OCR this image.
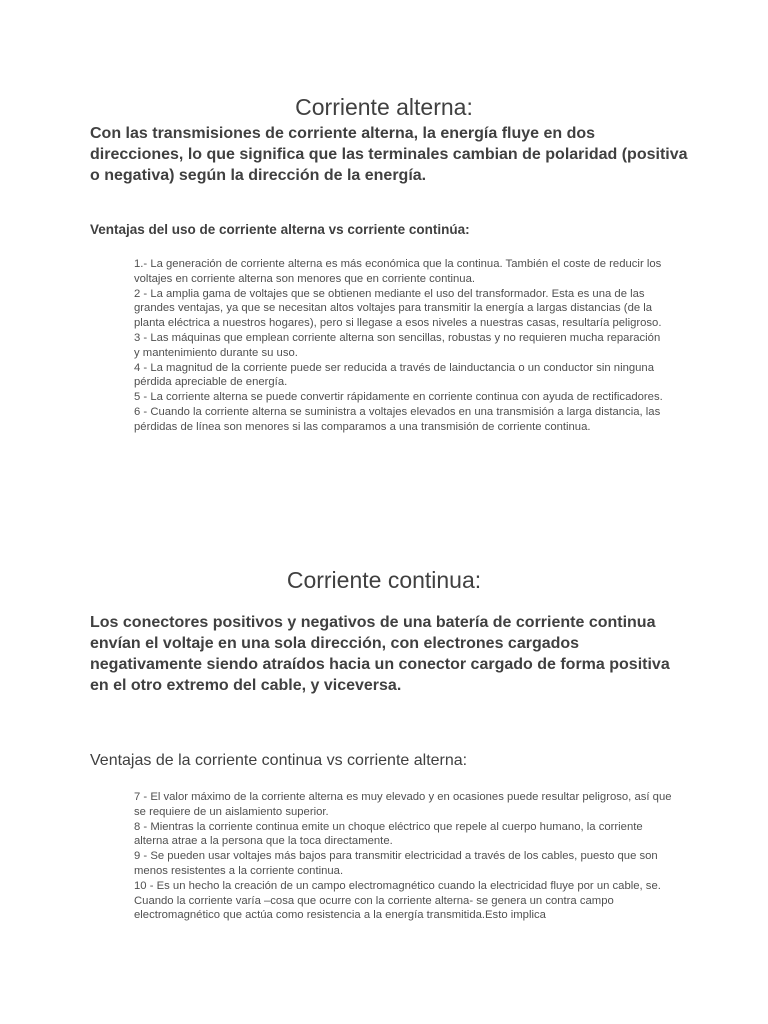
Corriente alterna:

Con las transmisiones de corriente alterna, la energía fluye en dos direcciones, lo que significa que las terminales cambian de polaridad (positiva o negativa) según la dirección de la energía.

Ventajas del uso de corriente alterna vs corriente continúa:

1.- La generación de corriente alterna es más económica que la continua. También el coste de reducir los voltajes en corriente alterna son menores que en corriente continua.
2 - La amplia gama de voltajes que se obtienen mediante el uso del transformador. Esta es una de las grandes ventajas, ya que se necesitan altos voltajes para transmitir la energía a largas distancias (de la planta eléctrica a nuestros hogares), pero si llegase a esos niveles a nuestras casas, resultaría peligroso.
3 - Las máquinas que emplean corriente alterna son sencillas, robustas y no requieren mucha reparación y mantenimiento durante su uso.
4 - La magnitud de la corriente puede ser reducida a través de lainductancia o un conductor sin ninguna pérdida apreciable de energía.
5 - La corriente alterna se puede convertir rápidamente en corriente continua con ayuda de rectificadores.
6 - Cuando la corriente alterna se suministra a voltajes elevados en una transmisión a larga distancia, las pérdidas de línea son menores si las comparamos a una transmisión de corriente continua.
Corriente continua:

Los conectores positivos y negativos de una batería de corriente continua envían el voltaje en una sola dirección, con electrones cargados negativamente siendo atraídos hacia un conector cargado de forma positiva en el otro extremo del cable, y viceversa.

Ventajas de la corriente continua vs corriente alterna:

7 - El valor máximo de la corriente alterna es muy elevado y en ocasiones puede resultar peligroso, así que se requiere de un aislamiento superior.
8 - Mientras la corriente continua emite un choque eléctrico que repele al cuerpo humano, la corriente alterna atrae a la persona que la toca directamente.
9 - Se pueden usar voltajes más bajos para transmitir electricidad a través de los cables, puesto que son menos resistentes a la corriente continua.
10 - Es un hecho la creación de un campo electromagnético cuando la electricidad fluye por un cable, se. Cuando la corriente varía –cosa que ocurre con la corriente alterna- se genera un contra campo electromagnético que actúa como resistencia a la energía transmitida.Esto implica
